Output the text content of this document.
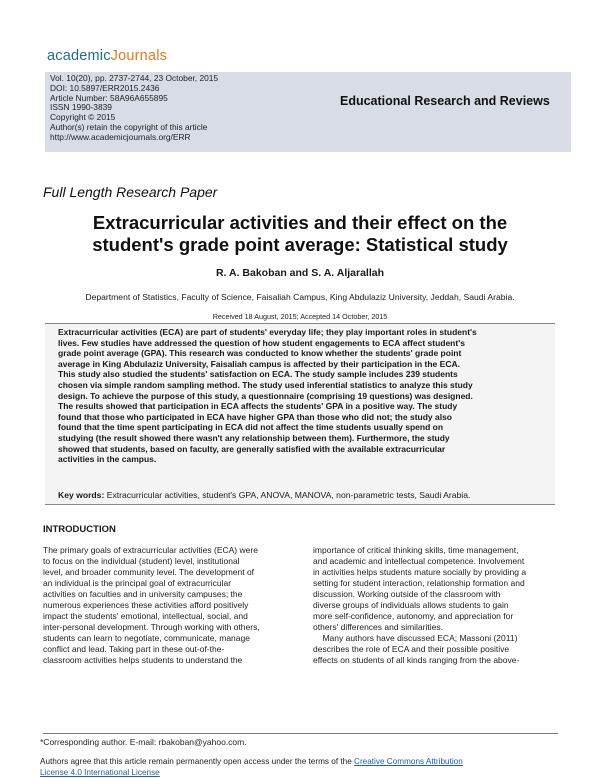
academicJournals
Vol. 10(20), pp. 2737-2744, 23 October, 2015
DOI: 10.5897/ERR2015.2436
Article Number: 58A96A655895
ISSN 1990-3839
Copyright © 2015
Author(s) retain the copyright of this article
http://www.academicjournals.org/ERR
Educational Research and Reviews
Full Length Research Paper
Extracurricular activities and their effect on the
student's grade point average: Statistical study
R. A. Bakoban and S. A. Aljarallah
Department of Statistics, Faculty of Science, Faisaliah Campus, King Abdulaziz University, Jeddah, Saudi Arabia.
Received 18 August, 2015; Accepted 14 October, 2015
Extracurricular activities (ECA) are part of students' everyday life; they play important roles in student's
lives. Few studies have addressed the question of how student engagements to ECA affect student's
grade point average (GPA). This research was conducted to know whether the students' grade point
average in King Abdulaziz University, Faisaliah campus is affected by their participation in the ECA.
This study also studied the students' satisfaction on ECA. The study sample includes 239 students
chosen via simple random sampling method. The study used inferential statistics to analyze this study
design. To achieve the purpose of this study, a questionnaire (comprising 19 questions) was designed.
The results showed that participation in ECA affects the students' GPA in a positive way. The study
found that those who participated in ECA have higher GPA than those who did not; the study also
found that the time spent participating in ECA did not affect the time students usually spend on
studying (the result showed there wasn't any relationship between them). Furthermore, the study
showed that students, based on faculty, are generally satisfied with the available extracurricular
activities in the campus.
Key words: Extracurricular activities, student's GPA, ANOVA, MANOVA, non-parametric tests, Saudi Arabia.
INTRODUCTION
The primary goals of extracurricular activities (ECA) were
to focus on the individual (student) level, institutional
level, and broader community level. The development of
an individual is the principal goal of extracurricular
activities on faculties and in university campuses; the
numerous experiences these activities afford positively
impact the students' emotional, intellectual, social, and
inter-personal development. Through working with others,
students can learn to negotiate, communicate, manage
conflict and lead. Taking part in these out-of-the-
classroom activities helps students to understand the
importance of critical thinking skills, time management,
and academic and intellectual competence. Involvement
in activities helps students mature socially by providing a
setting for student interaction, relationship formation and
discussion. Working outside of the classroom with
diverse groups of individuals allows students to gain
more self-confidence, autonomy, and appreciation for
others' differences and similarities.
Many authors have discussed ECA; Massoni (2011)
describes the role of ECA and their possible positive
effects on students of all kinds ranging from the above-
*Corresponding author. E-mail: rbakoban@yahoo.com.
Authors agree that this article remain permanently open access under the terms of the Creative Commons Attribution
License 4.0 International License
